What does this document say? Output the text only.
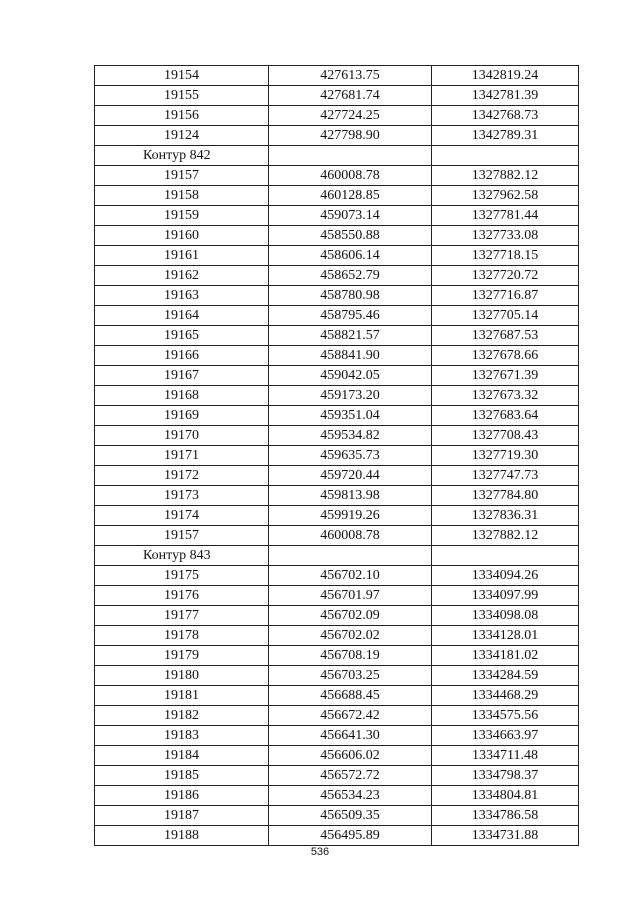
19154	427613.75	1342819.24
19155	427681.74	1342781.39
19156	427724.25	1342768.73
19124	427798.90	1342789.31
Контур 842		
19157	460008.78	1327882.12
19158	460128.85	1327962.58
19159	459073.14	1327781.44
19160	458550.88	1327733.08
19161	458606.14	1327718.15
19162	458652.79	1327720.72
19163	458780.98	1327716.87
19164	458795.46	1327705.14
19165	458821.57	1327687.53
19166	458841.90	1327678.66
19167	459042.05	1327671.39
19168	459173.20	1327673.32
19169	459351.04	1327683.64
19170	459534.82	1327708.43
19171	459635.73	1327719.30
19172	459720.44	1327747.73
19173	459813.98	1327784.80
19174	459919.26	1327836.31
19157	460008.78	1327882.12
Контур 843		
19175	456702.10	1334094.26
19176	456701.97	1334097.99
19177	456702.09	1334098.08
19178	456702.02	1334128.01
19179	456708.19	1334181.02
19180	456703.25	1334284.59
19181	456688.45	1334468.29
19182	456672.42	1334575.56
19183	456641.30	1334663.97
19184	456606.02	1334711.48
19185	456572.72	1334798.37
19186	456534.23	1334804.81
19187	456509.35	1334786.58
19188	456495.89	1334731.88
536
